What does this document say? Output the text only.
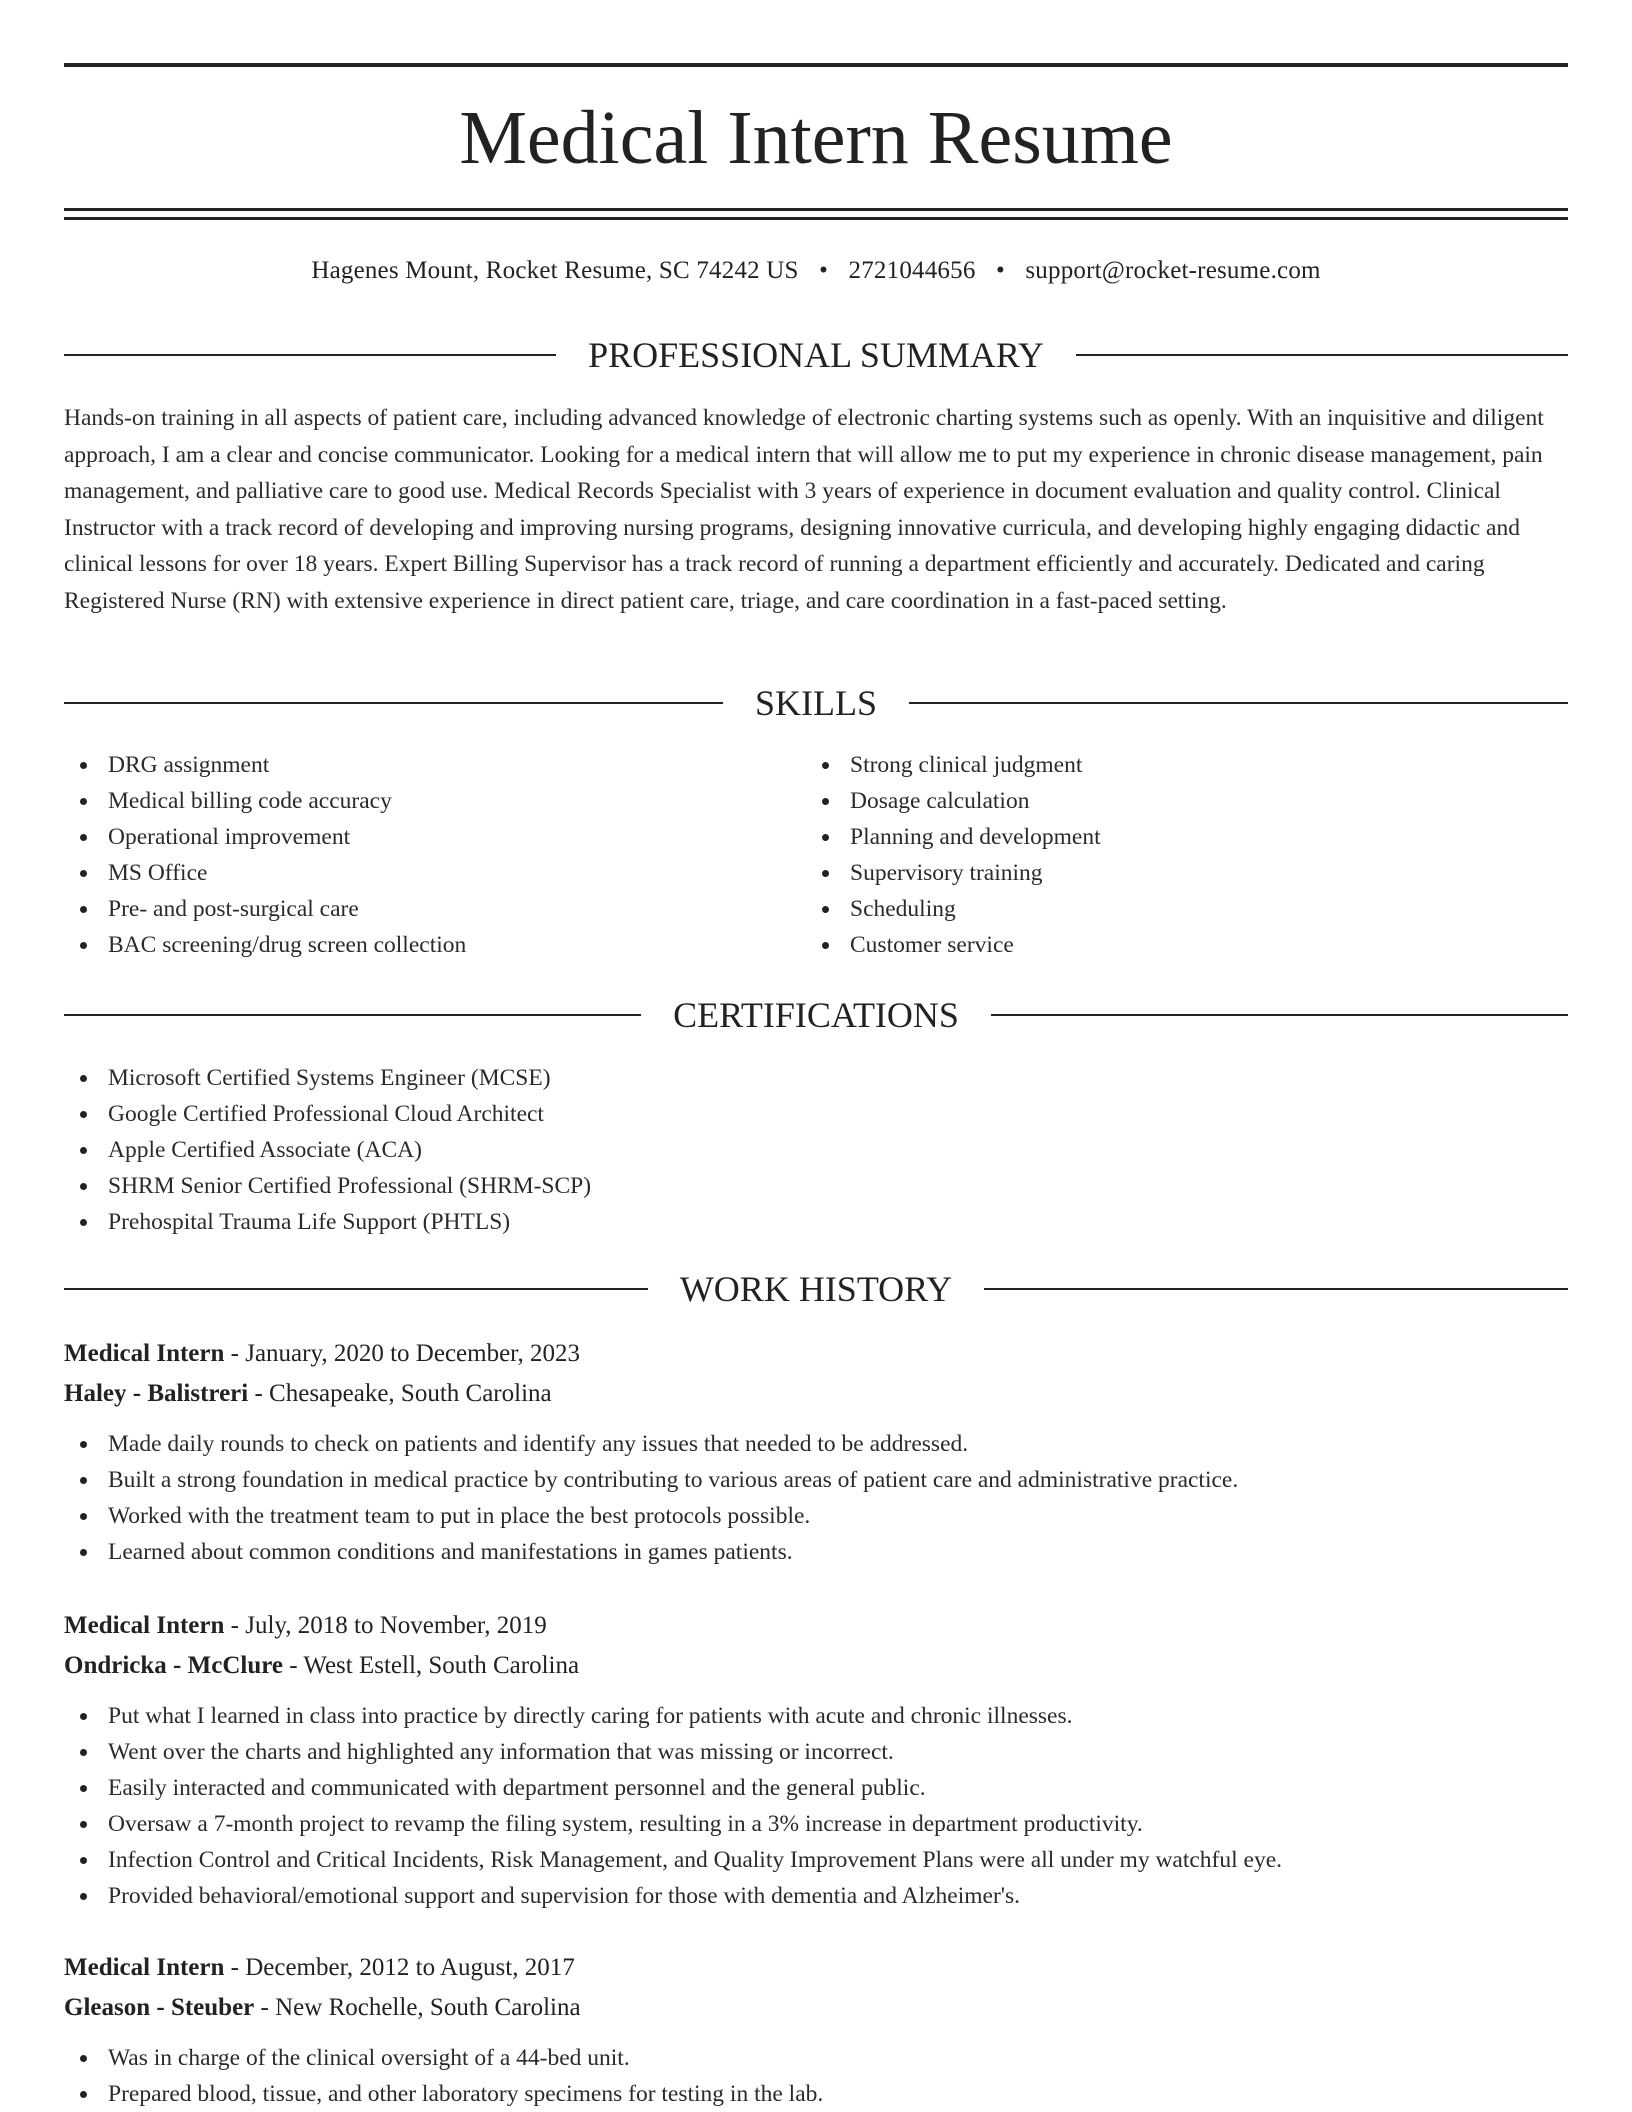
Medical Intern Resume
Hagenes Mount, Rocket Resume, SC 74242 US • 2721044656 • support@rocket-resume.com
PROFESSIONAL SUMMARY

Hands-on training in all aspects of patient care, including advanced knowledge of electronic charting systems such as openly. With an inquisitive and diligent approach, I am a clear and concise communicator. Looking for a medical intern that will allow me to put my experience in chronic disease management, pain management, and palliative care to good use. Medical Records Specialist with 3 years of experience in document evaluation and quality control. Clinical Instructor with a track record of developing and improving nursing programs, designing innovative curricula, and developing highly engaging didactic and clinical lessons for over 18 years. Expert Billing Supervisor has a track record of running a department efficiently and accurately. Dedicated and caring Registered Nurse (RN) with extensive experience in direct patient care, triage, and care coordination in a fast-paced setting.

SKILLS
DRG assignment
Medical billing code accuracy
Operational improvement
MS Office
Pre- and post-surgical care
BAC screening/drug screen collection
Strong clinical judgment
Dosage calculation
Planning and development
Supervisory training
Scheduling
Customer service
CERTIFICATIONS
Microsoft Certified Systems Engineer (MCSE)
Google Certified Professional Cloud Architect
Apple Certified Associate (ACA)
SHRM Senior Certified Professional (SHRM-SCP)
Prehospital Trauma Life Support (PHTLS)
WORK HISTORY
Medical Intern - January, 2020 to December, 2023
Haley - Balistreri - Chesapeake, South Carolina
Made daily rounds to check on patients and identify any issues that needed to be addressed.
Built a strong foundation in medical practice by contributing to various areas of patient care and administrative practice.
Worked with the treatment team to put in place the best protocols possible.
Learned about common conditions and manifestations in games patients.
Medical Intern - July, 2018 to November, 2019
Ondricka - McClure - West Estell, South Carolina
Put what I learned in class into practice by directly caring for patients with acute and chronic illnesses.
Went over the charts and highlighted any information that was missing or incorrect.
Easily interacted and communicated with department personnel and the general public.
Oversaw a 7-month project to revamp the filing system, resulting in a 3% increase in department productivity.
Infection Control and Critical Incidents, Risk Management, and Quality Improvement Plans were all under my watchful eye.
Provided behavioral/emotional support and supervision for those with dementia and Alzheimer's.
Medical Intern - December, 2012 to August, 2017
Gleason - Steuber - New Rochelle, South Carolina
Was in charge of the clinical oversight of a 44-bed unit.
Prepared blood, tissue, and other laboratory specimens for testing in the lab.
